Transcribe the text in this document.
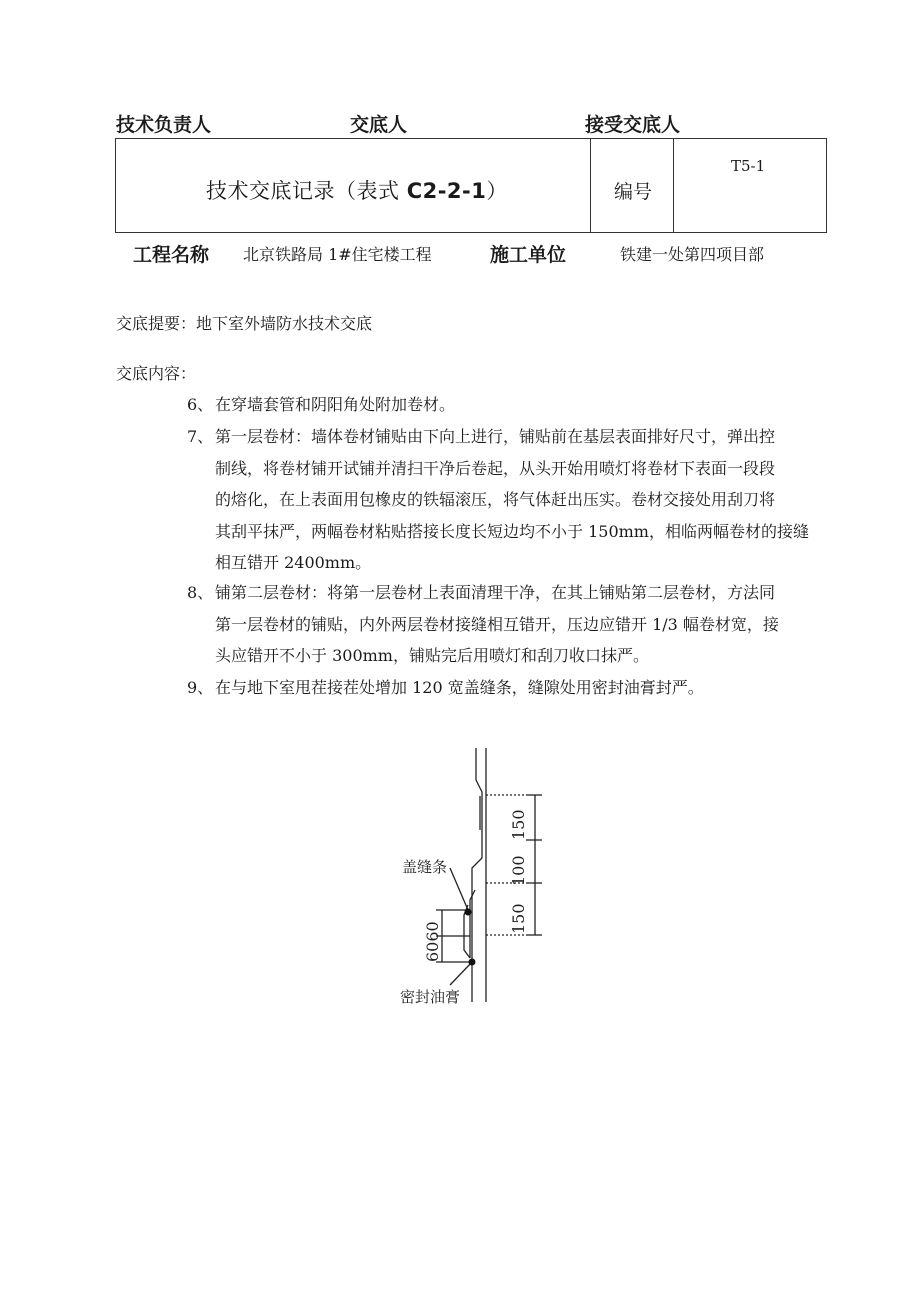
技术负责人	交底人	接受交底人
技术交底记录（表式 C2-2-1）	编号
T5-1
工程名称 北京铁路局 1#住宅楼工程	施工单位	铁建一处第四项目部
交底提要：地下室外墙防水技术交底
交底内容：
6、 在穿墙套管和阴阳角处附加卷材。
7、 第一层卷材：墙体卷材铺贴由下向上进行，铺贴前在基层表面排好尺寸，弹出控
制线，将卷材铺开试铺并清扫干净后卷起，从头开始用喷灯将卷材下表面一段段
的熔化，在上表面用包橡皮的铁辐滚压，将气体赶出压实。卷材交接处用刮刀将
其刮平抹严，两幅卷材粘贴搭接长度长短边均不小于 150mm，相临两幅卷材的接缝
相互错开 2400mm。
8、 铺第二层卷材：将第一层卷材上表面清理干净，在其上铺贴第二层卷材，方法同
第一层卷材的铺贴，内外两层卷材接缝相互错开，压边应错开 1/3 幅卷材宽，接
头应错开不小于 300mm，铺贴完后用喷灯和刮刀收口抹严。
9、 在与地下室甩茬接茬处增加 120 宽盖缝条，缝隙处用密封油膏封严。
盖缝条
密封油膏
150
100
150
6060
